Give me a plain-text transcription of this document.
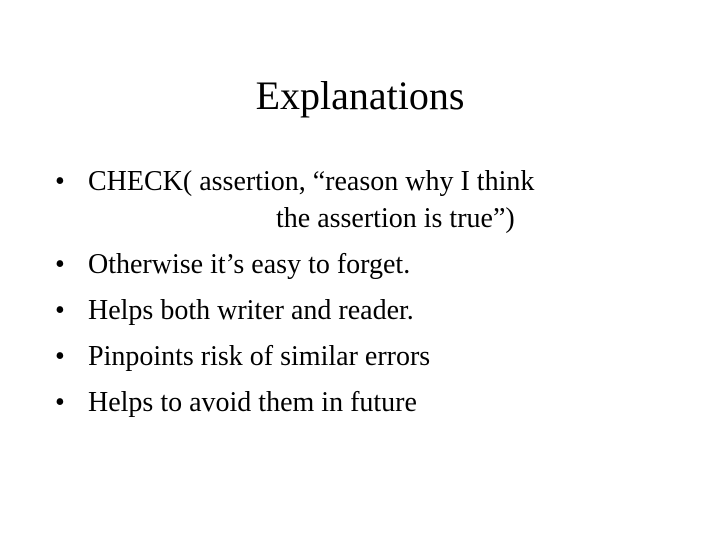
Explanations
• CHECK( assertion, “reason why I think
the assertion is true”)
• Otherwise it’s easy to forget.
• Helps both writer and reader.
• Pinpoints risk of similar errors
• Helps to avoid them in future
